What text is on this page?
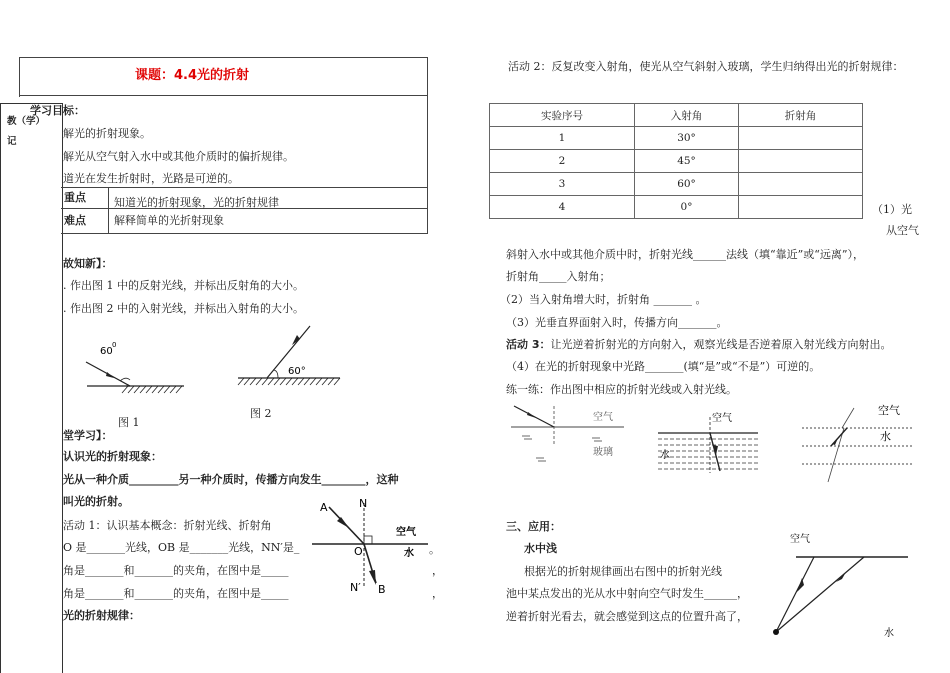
课题：4.4光的折射
教（学）
记
学习目标：
解光的折射现象。
解光从空气射入水中或其他介质时的偏折规律。
道光在发生折射时，光路是可逆的。
重点	知道光的折射现象，光的折射规律
难点	解释简单的光折射现象
故知新】：
. 作出图 1 中的反射光线，并标出反射角的大小。
. 作出图 2 中的入射光线，并标出入射角的大小。
60
0
图 1
60°
图 2
堂学习】：
认识光的折射现象：
光从一种介质_________另一种介质时，传播方向发生________，这种
叫光的折射。
活动 1：认识基本概念：折射光线、折射角
O 是_______光线，OB 是_______光线，NN′是_
角是_______和_______的夹角，在图中是_____
角是_______和_______的夹角，在图中是_____
光的折射规律：
A	N
空气
O	水
N′ B
。
，
，
活动 2：反复改变入射角，使光从空气斜射入玻璃，学生归纳得出光的折射规律：
实验序号	入射角	折射角
1	30°	
2	45°	
3	60°	
4	0°		（1）光
从空气
斜射入水中或其他介质中时，折射光线______法线（填“靠近”或“远离”），
折射角_____入射角；
（2）当入射角增大时，折射角 _______ 。
（3）光垂直界面射入时，传播方向_______。
活动 3：让光逆着折射光的方向射入，观察光线是否逆着原入射光线方向射出。
（4）在光的折射现象中光路_______(填“是”或“不是”）可逆的。
练一练：作出图中相应的折射光线或入射光线。
空气
玻璃
空气
水
空气
水
三、应用：
水中浅
根据光的折射规律画出右图中的折射光线
池中某点发出的光从水中射向空气时发生______，
逆着折射光看去，就会感觉到这点的位置升高了，
空气
水
